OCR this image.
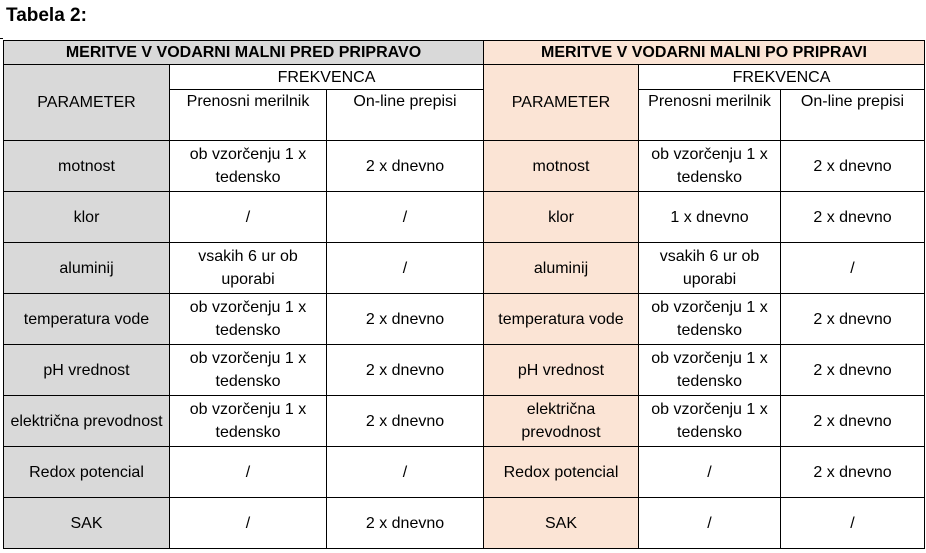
Tabela 2:
MERITVE V VODARNI MALNI PRED PRIPRAVO			MERITVE V VODARNI MALNI PO PRIPRAVI		
PARAMETER	FREKVENCA		PARAMETER	FREKVENCA	
	Prenosni merilnik	On-line prepisi		Prenosni merilnik	On-line prepisi
motnost	ob vzorčenju 1 x tedensko	2 x dnevno	motnost	ob vzorčenju 1 x tedensko	2 x dnevno
klor	/	/	klor	1 x dnevno	2 x dnevno
aluminij	vsakih 6 ur ob uporabi	/	aluminij	vsakih 6 ur ob uporabi	/
temperatura vode	ob vzorčenju 1 x tedensko	2 x dnevno	temperatura vode	ob vzorčenju 1 x tedensko	2 x dnevno
pH vrednost	ob vzorčenju 1 x tedensko	2 x dnevno	pH vrednost	ob vzorčenju 1 x tedensko	2 x dnevno
električna prevodnost	ob vzorčenju 1 x tedensko	2 x dnevno	električna prevodnost	ob vzorčenju 1 x tedensko	2 x dnevno
Redox potencial	/	/	Redox potencial	/	2 x dnevno
SAK	/	2 x dnevno	SAK	/	/
